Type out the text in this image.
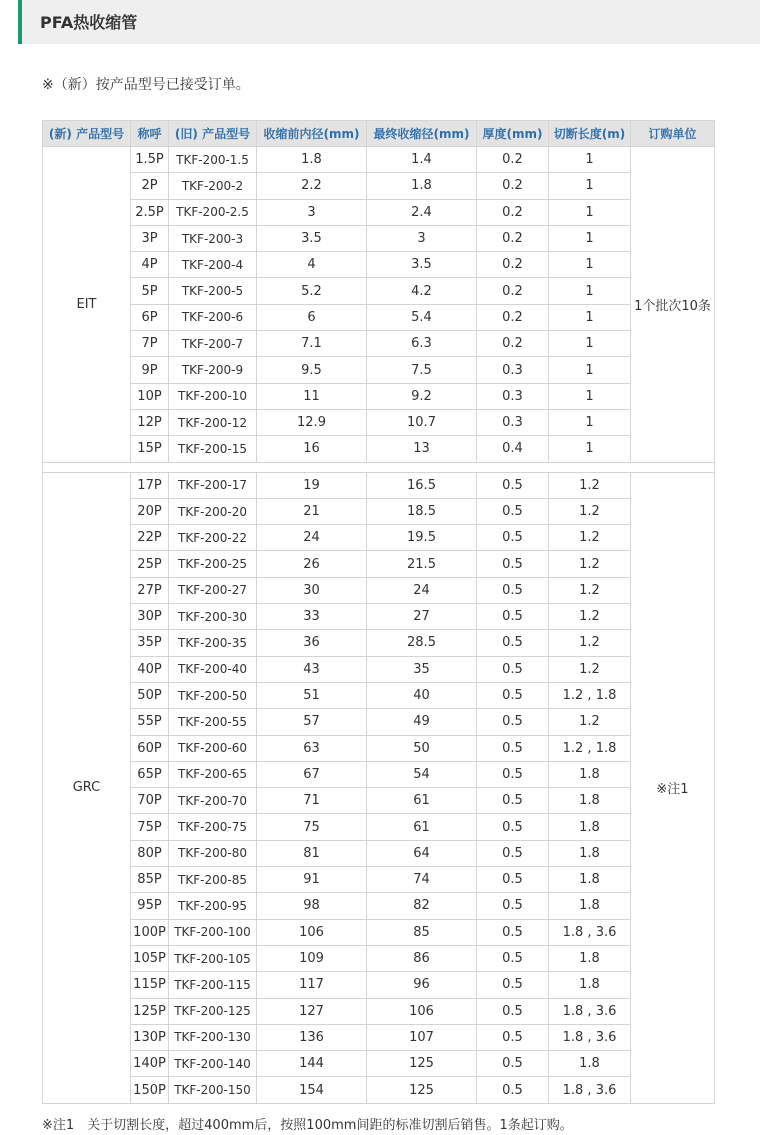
PFA热收缩管
※（新）按产品型号已接受订单。
(新) 产品型号	称呼	(旧) 产品型号	收缩前内径(mm)	最终收缩径(mm)	厚度(mm)	切断长度(m)	订购单位
EIT	1.5P	TKF-200-1.5	1.8	1.4	0.2	1	1个批次10条
	2P	TKF-200-2	2.2	1.8	0.2	1	
	2.5P	TKF-200-2.5	3	2.4	0.2	1	
	3P	TKF-200-3	3.5	3	0.2	1	
	4P	TKF-200-4	4	3.5	0.2	1	
	5P	TKF-200-5	5.2	4.2	0.2	1	
	6P	TKF-200-6	6	5.4	0.2	1	
	7P	TKF-200-7	7.1	6.3	0.2	1	
	9P	TKF-200-9	9.5	7.5	0.3	1	
	10P	TKF-200-10	11	9.2	0.3	1	
	12P	TKF-200-12	12.9	10.7	0.3	1	
	15P	TKF-200-15	16	13	0.4	1	

GRC	17P	TKF-200-17	19	16.5	0.5	1.2	※注1
	20P	TKF-200-20	21	18.5	0.5	1.2	
	22P	TKF-200-22	24	19.5	0.5	1.2	
	25P	TKF-200-25	26	21.5	0.5	1.2	
	27P	TKF-200-27	30	24	0.5	1.2	
	30P	TKF-200-30	33	27	0.5	1.2	
	35P	TKF-200-35	36	28.5	0.5	1.2	
	40P	TKF-200-40	43	35	0.5	1.2	
	50P	TKF-200-50	51	40	0.5	1.2 , 1.8	
	55P	TKF-200-55	57	49	0.5	1.2	
	60P	TKF-200-60	63	50	0.5	1.2 , 1.8	
	65P	TKF-200-65	67	54	0.5	1.8	
	70P	TKF-200-70	71	61	0.5	1.8	
	75P	TKF-200-75	75	61	0.5	1.8	
	80P	TKF-200-80	81	64	0.5	1.8	
	85P	TKF-200-85	91	74	0.5	1.8	
	95P	TKF-200-95	98	82	0.5	1.8	
	100P	TKF-200-100	106	85	0.5	1.8 , 3.6	
	105P	TKF-200-105	109	86	0.5	1.8	
	115P	TKF-200-115	117	96	0.5	1.8	
	125P	TKF-200-125	127	106	0.5	1.8 , 3.6	
	130P	TKF-200-130	136	107	0.5	1.8 , 3.6	
	140P	TKF-200-140	144	125	0.5	1.8	
	150P	TKF-200-150	154	125	0.5	1.8 , 3.6	
※注1　关于切割长度，超过400mm后，按照100mm间距的标准切割后销售。1条起订购。
